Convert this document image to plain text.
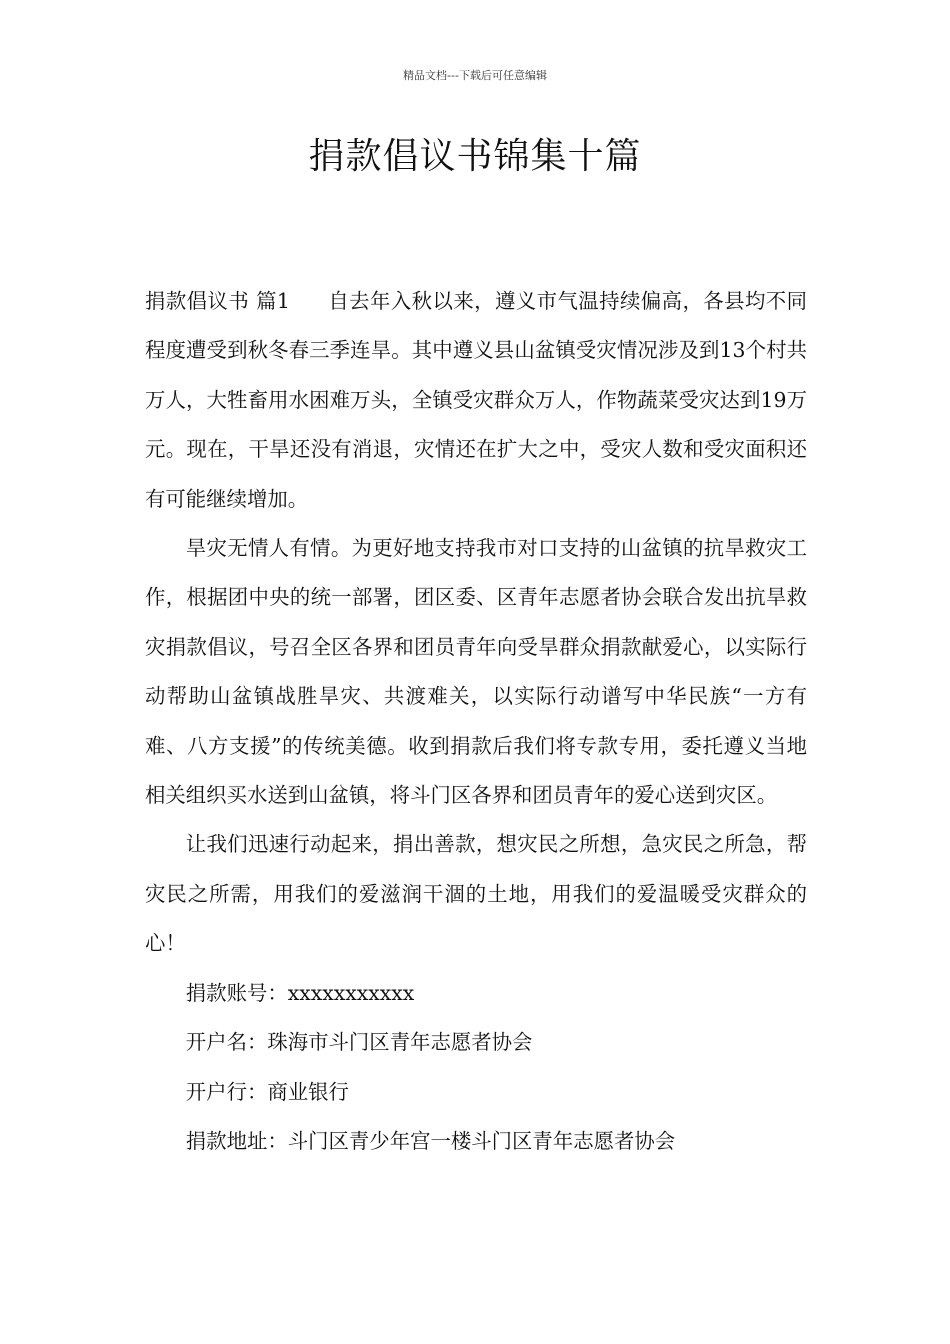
精品文档---下载后可任意编辑
捐款倡议书锦集十篇

捐款倡议书 篇1 自去年入秋以来，遵义市气温持续偏高，各县均不同程度遭受到秋冬春三季连旱。其中遵义县山盆镇受灾情况涉及到13个村共万人，大牲畜用水困难万头，全镇受灾群众万人，作物蔬菜受灾达到19万元。现在，干旱还没有消退，灾情还在扩大之中，受灾人数和受灾面积还有可能继续增加。

旱灾无情人有情。为更好地支持我市对口支持的山盆镇的抗旱救灾工作，根据团中央的统一部署，团区委、区青年志愿者协会联合发出抗旱救灾捐款倡议，号召全区各界和团员青年向受旱群众捐款献爱心，以实际行动帮助山盆镇战胜旱灾、共渡难关，以实际行动谱写中华民族“一方有难、八方支援”的传统美德。收到捐款后我们将专款专用，委托遵义当地相关组织买水送到山盆镇，将斗门区各界和团员青年的爱心送到灾区。

让我们迅速行动起来，捐出善款，想灾民之所想，急灾民之所急，帮灾民之所需，用我们的爱滋润干涸的土地，用我们的爱温暖受灾群众的心！

捐款账号：xxxxxxxxxxx

开户名：珠海市斗门区青年志愿者协会

开户行：商业银行

捐款地址：斗门区青少年宫一楼斗门区青年志愿者协会
